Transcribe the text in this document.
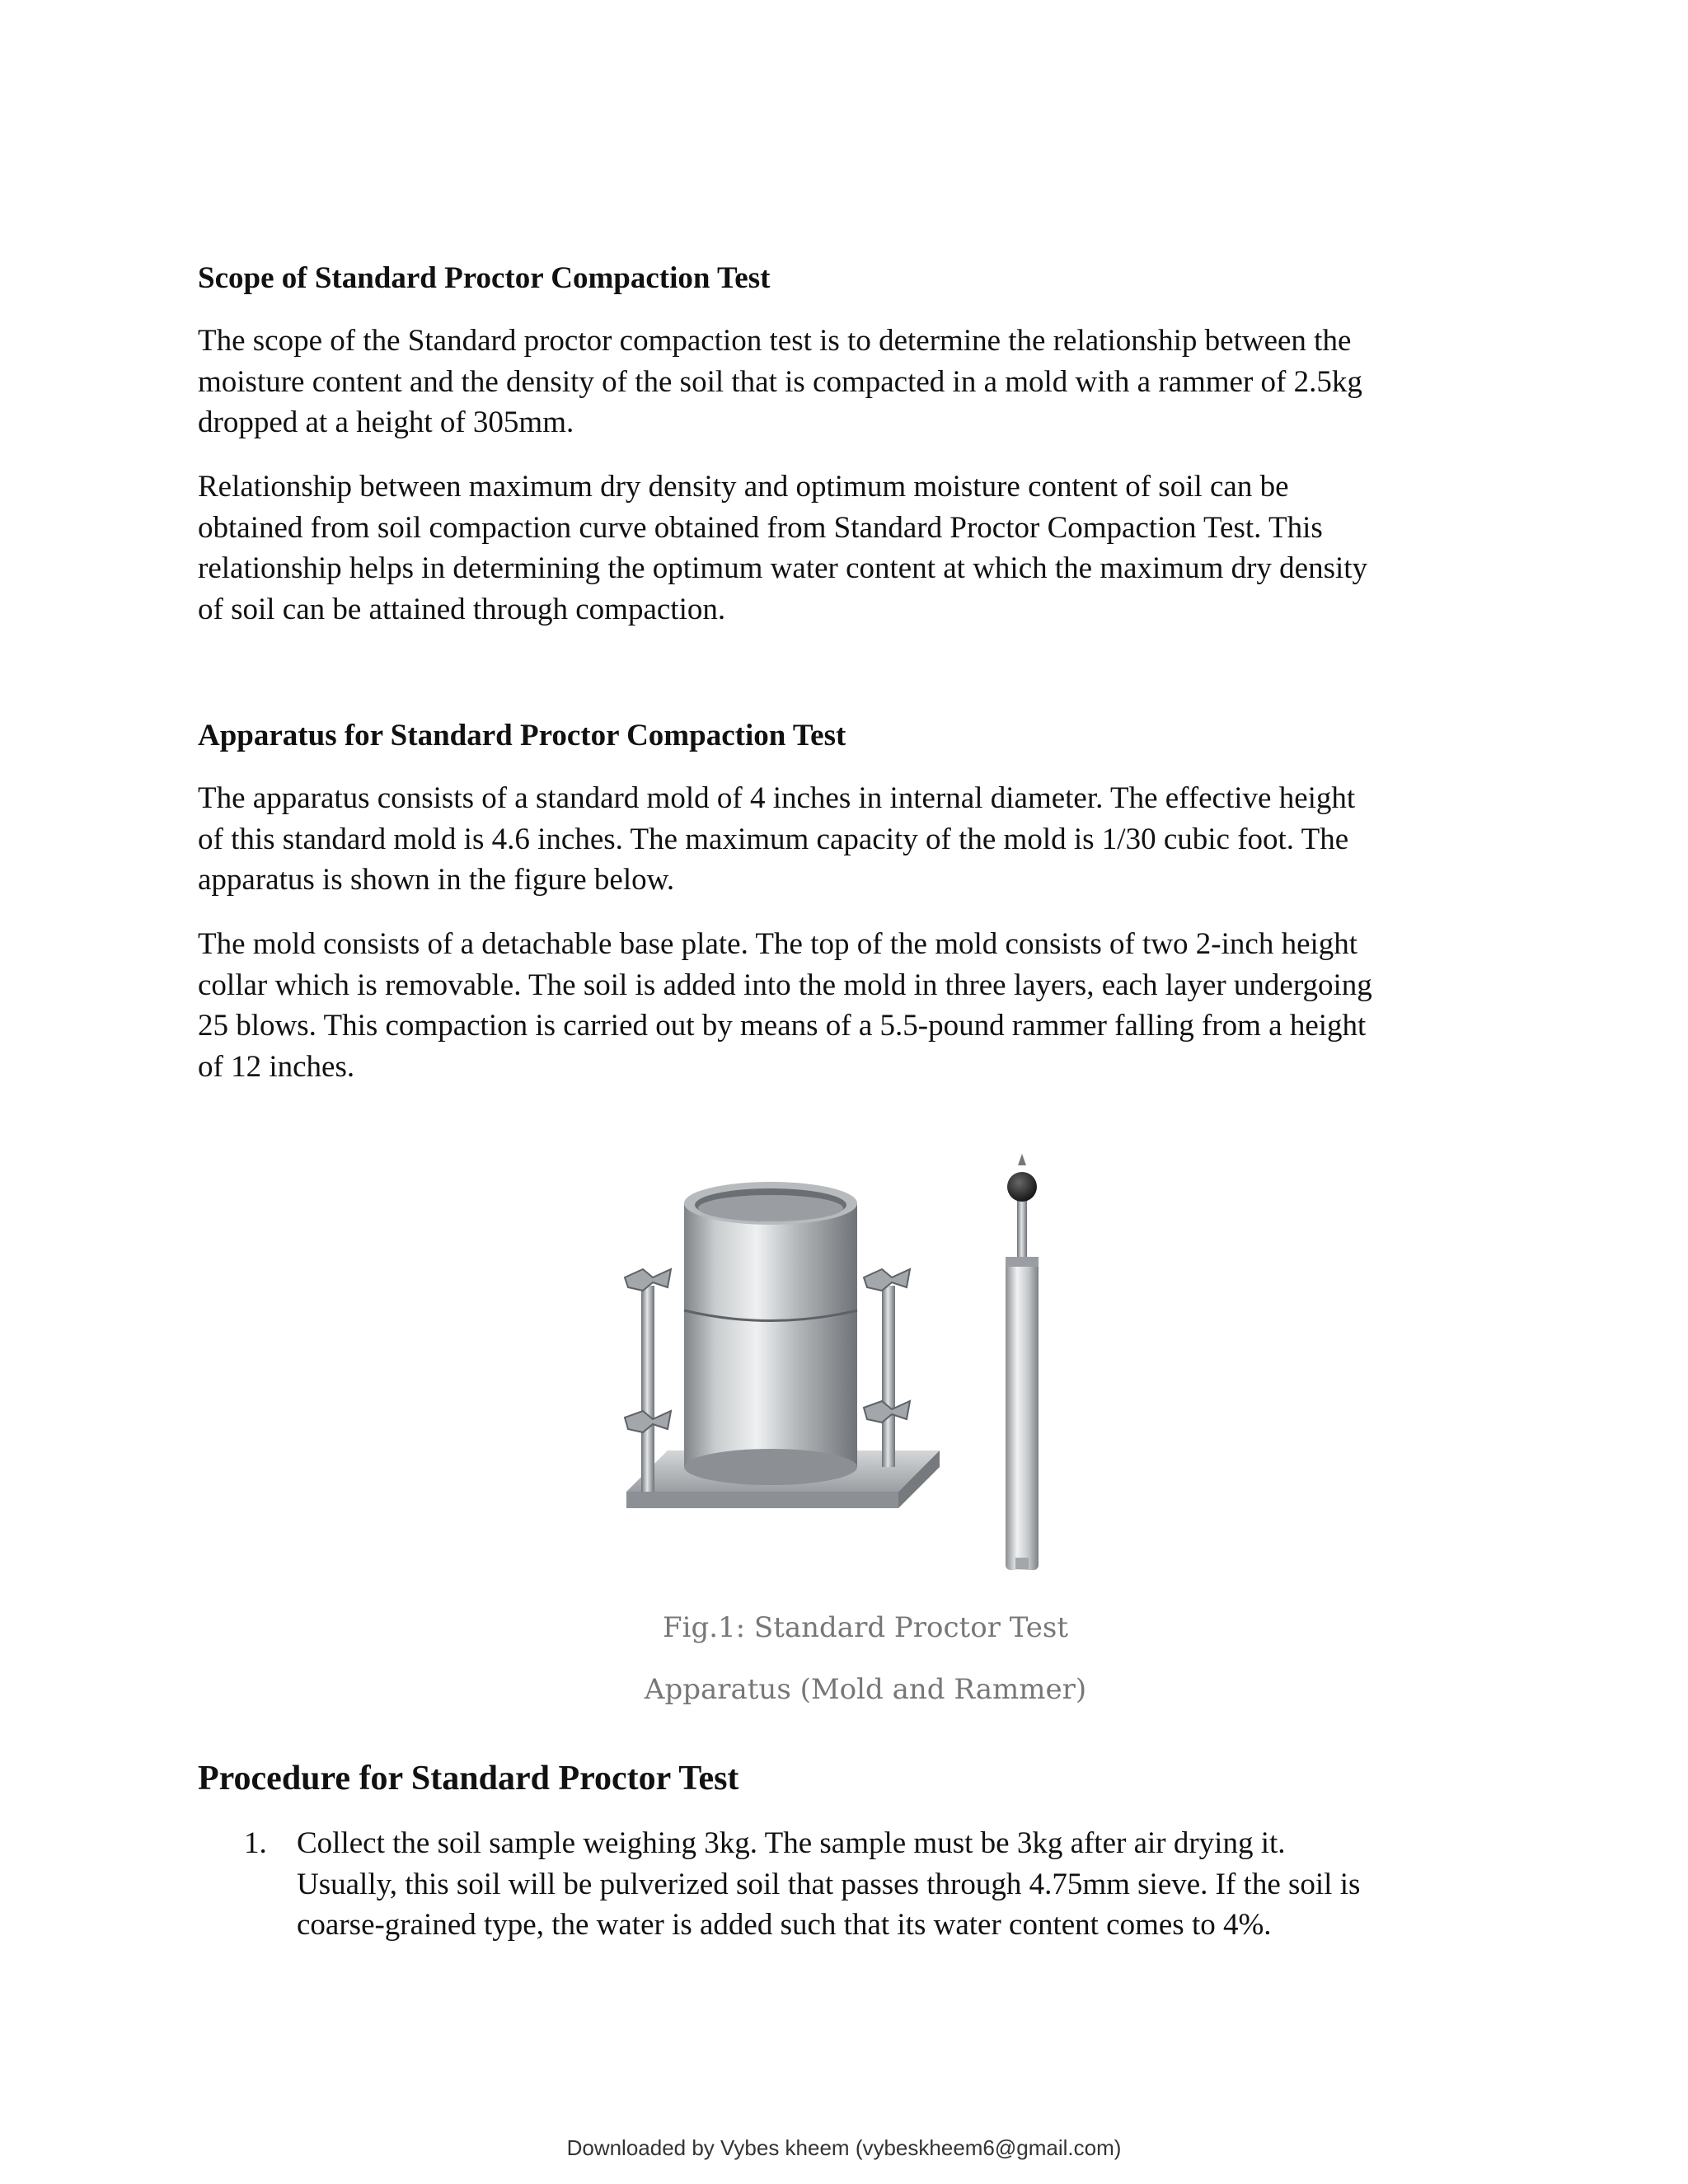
Scope of Standard Proctor Compaction Test

The scope of the Standard proctor compaction test is to determine the relationship between the
moisture content and the density of the soil that is compacted in a mold with a rammer of 2.5kg
dropped at a height of 305mm.

Relationship between maximum dry density and optimum moisture content of soil can be
obtained from soil compaction curve obtained from Standard Proctor Compaction Test. This
relationship helps in determining the optimum water content at which the maximum dry density
of soil can be attained through compaction.

Apparatus for Standard Proctor Compaction Test

The apparatus consists of a standard mold of 4 inches in internal diameter. The effective height
of this standard mold is 4.6 inches. The maximum capacity of the mold is 1/30 cubic foot. The
apparatus is shown in the figure below.

The mold consists of a detachable base plate. The top of the mold consists of two 2-inch height
collar which is removable. The soil is added into the mold in three layers, each layer undergoing
25 blows. This compaction is carried out by means of a 5.5-pound rammer falling from a height
of 12 inches.

Fig.1: Standard Proctor Test

Apparatus (Mold and Rammer)

Procedure for Standard Proctor Test
1. Collect the soil sample weighing 3kg. The sample must be 3kg after air drying it.
Usually, this soil will be pulverized soil that passes through 4.75mm sieve. If the soil is
coarse-grained type, the water is added such that its water content comes to 4%.

Downloaded by Vybes kheem (vybeskheem6@gmail.com)
